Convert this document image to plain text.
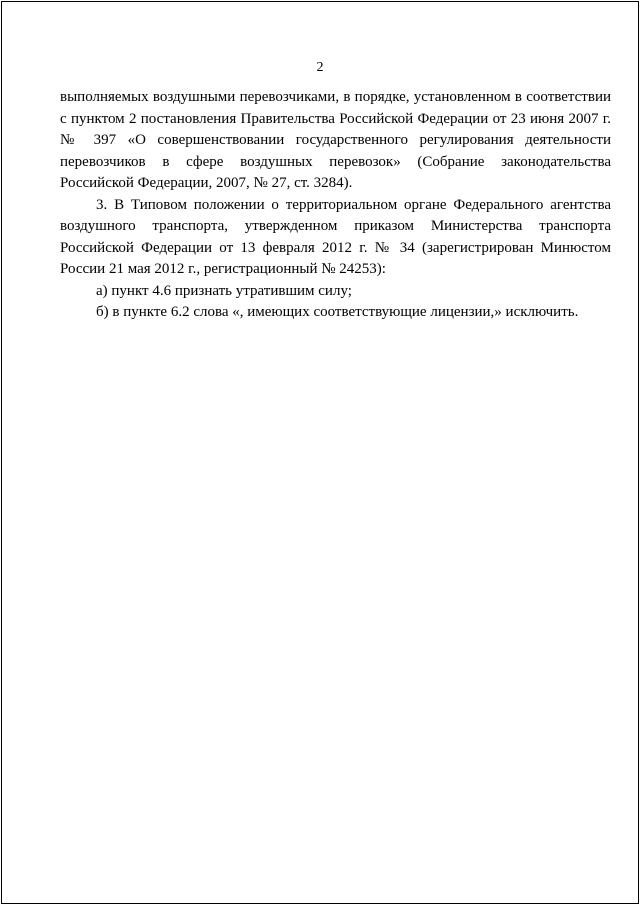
2

выполняемых воздушными перевозчиками, в порядке, установленном в соответствии с пунктом 2 постановления Правительства Российской Федерации от 23 июня 2007 г. № 397 «О совершенствовании государственного регулирования деятельности перевозчиков в сфере воздушных перевозок» (Собрание законодательства Российской Федерации, 2007, № 27, ст. 3284).

3. В Типовом положении о территориальном органе Федерального агентства воздушного транспорта, утвержденном приказом Министерства транспорта Российской Федерации от 13 февраля 2012 г. № 34 (зарегистрирован Минюстом России 21 мая 2012 г., регистрационный № 24253):

а) пункт 4.6 признать утратившим силу;

б) в пункте 6.2 слова «, имеющих соответствующие лицензии,» исключить.
